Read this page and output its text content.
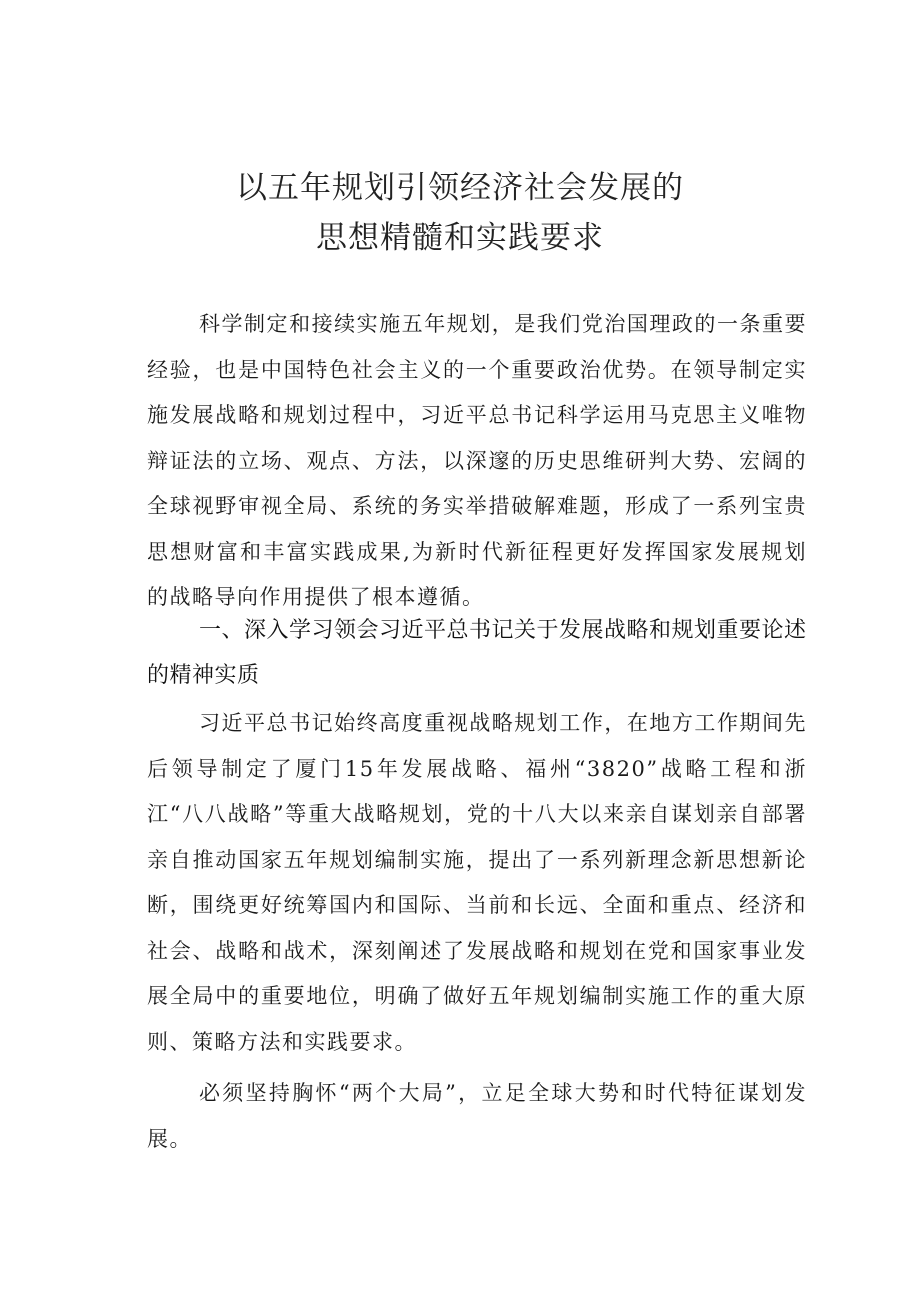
以五年规划引领经济社会发展的
思想精髓和实践要求

科学制定和接续实施五年规划，是我们党治国理政的一条重要经验，也是中国特色社会主义的一个重要政治优势。在领导制定实施发展战略和规划过程中，习近平总书记科学运用马克思主义唯物辩证法的立场、观点、方法，以深邃的历史思维研判大势、宏阔的全球视野审视全局、系统的务实举措破解难题，形成了一系列宝贵思想财富和丰富实践成果,为新时代新征程更好发挥国家发展规划的战略导向作用提供了根本遵循。

一、深入学习领会习近平总书记关于发展战略和规划重要论述的精神实质

习近平总书记始终高度重视战略规划工作，在地方工作期间先后领导制定了厦门15年发展战略、福州“3820”战略工程和浙江“八八战略”等重大战略规划，党的十八大以来亲自谋划亲自部署亲自推动国家五年规划编制实施，提出了一系列新理念新思想新论断，围绕更好统筹国内和国际、当前和长远、全面和重点、经济和社会、战略和战术，深刻阐述了发展战略和规划在党和国家事业发展全局中的重要地位，明确了做好五年规划编制实施工作的重大原则、策略方法和实践要求。

必须坚持胸怀“两个大局”，立足全球大势和时代特征谋划发展。
